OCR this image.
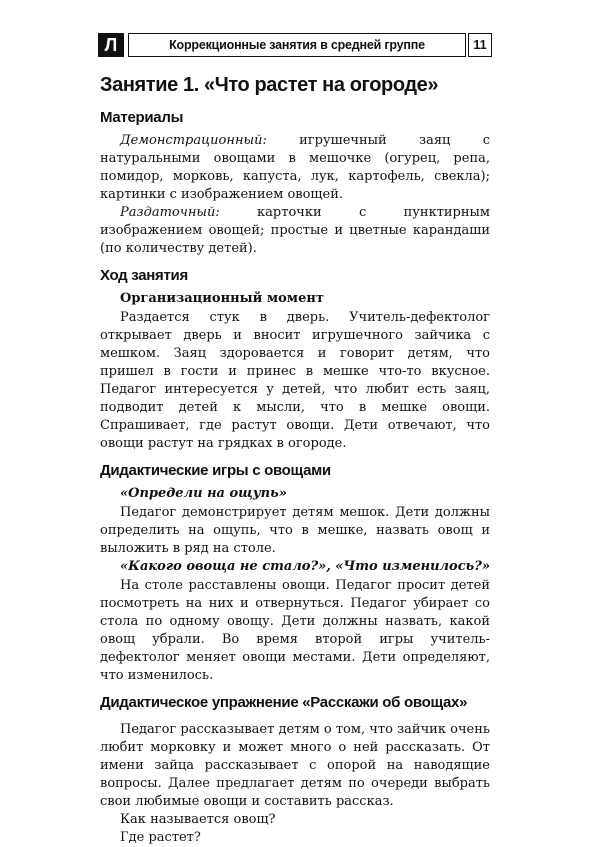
Л	Коррекционные занятия в средней группе	11
Занятие 1. «Что растет на огороде»
Материалы

Демонстрационный: игрушечный заяц с натуральными овощами в мешочке (огурец, репа, помидор, морковь, капуста, лук, картофель, свекла); картинки с изображением овощей.

Раздаточный: карточки с пунктирным изображением овощей; простые и цветные карандаши (по количеству детей).

Ход занятия
Организационный момент

Раздается стук в дверь. Учитель-дефектолог открывает дверь и вносит игрушечного зайчика с мешком. Заяц здоровается и говорит детям, что пришел в гости и принес в мешке что-то вкусное. Педагог интересуется у детей, что любит есть заяц, подводит детей к мысли, что в мешке овощи. Спрашивает, где растут овощи. Дети отвечают, что овощи растут на грядках в огороде.

Дидактические игры с овощами
«Определи на ощупь»

Педагог демонстрирует детям мешок. Дети должны определить на ощупь, что в мешке, назвать овощ и выложить в ряд на столе.

«Какого овоща не стало?», «Что изменилось?»

На столе расставлены овощи. Педагог просит детей посмотреть на них и отвернуться. Педагог убирает со стола по одному овощу. Дети должны назвать, какой овощ убрали. Во время второй игры учитель-дефектолог меняет овощи местами. Дети определяют, что изменилось.

Дидактическое упражнение «Расскажи об овощах»

Педагог рассказывает детям о том, что зайчик очень любит морковку и может много о ней рассказать. От имени зайца рассказывает с опорой на наводящие вопросы. Далее предлагает детям по очереди выбрать свои любимые овощи и составить рассказ.

Как называется овощ?

Где растет?
